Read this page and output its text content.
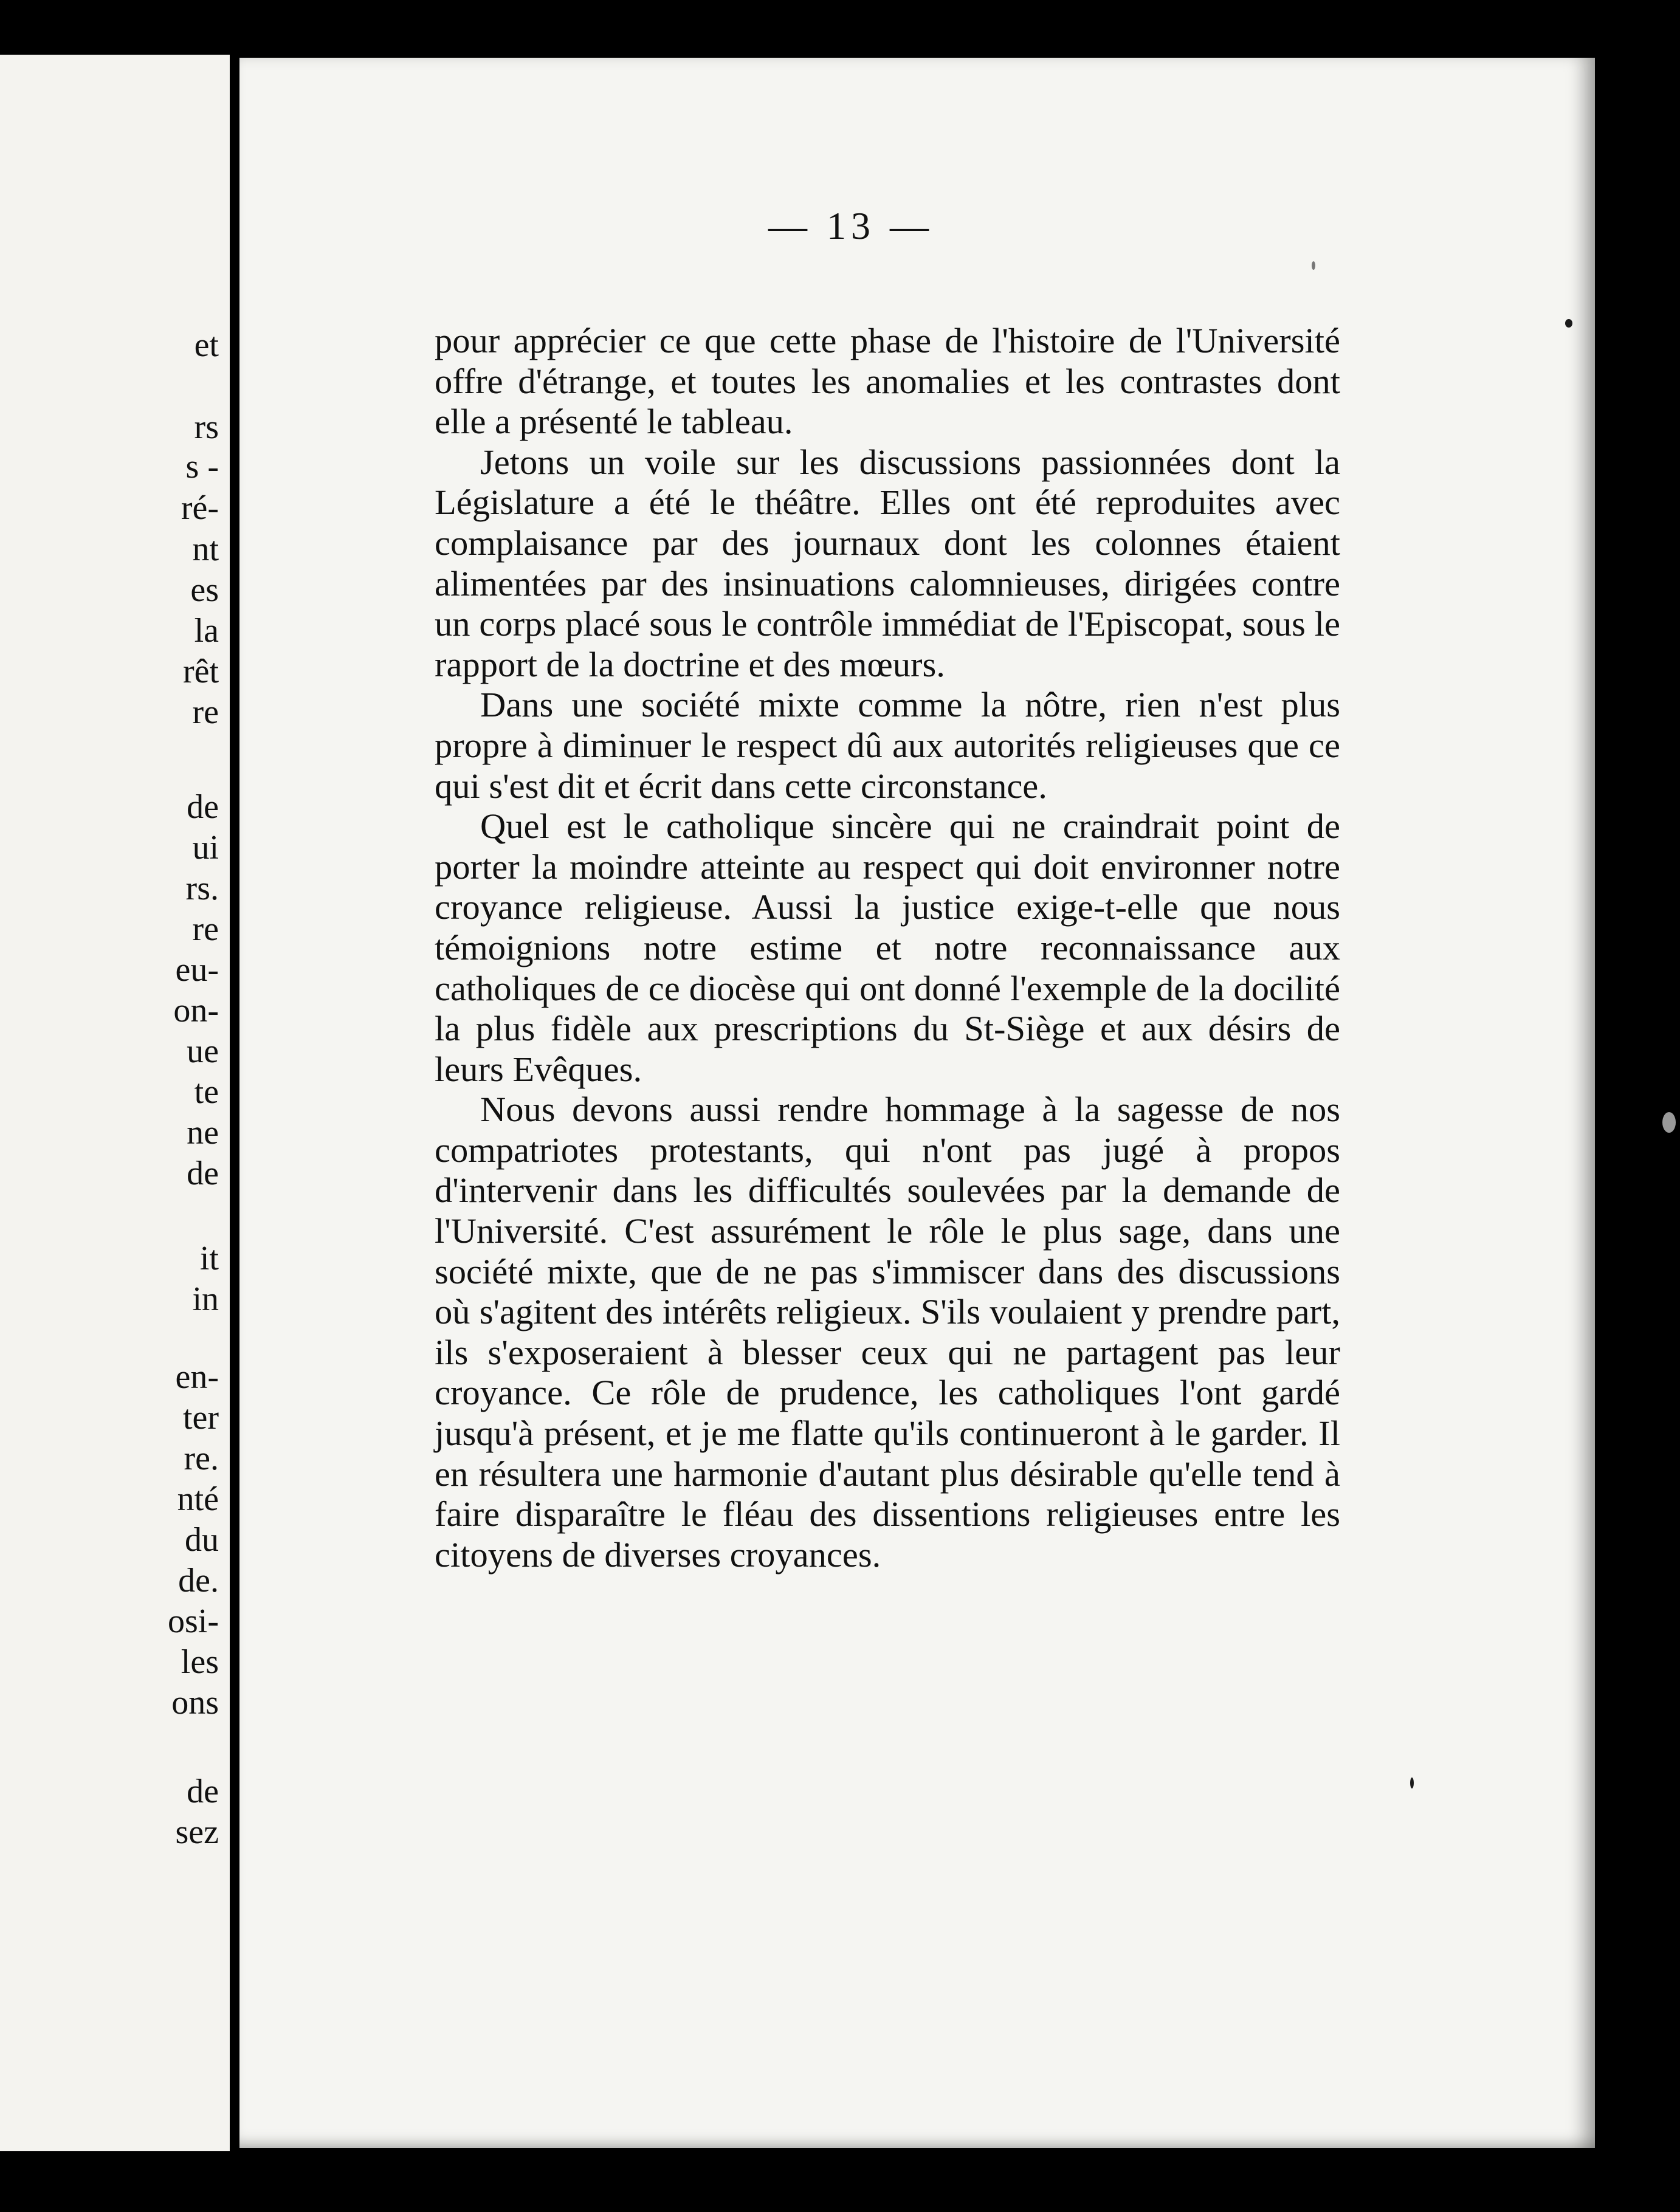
et
rs
s -
ré-
nt
es
la
rêt
re
de
ui
rs.
re
eu-
on-
ue
te
ne
de
it
in
en-
ter
re.
nté
du
de.
osi-
les
ons
de
sez
— 13 —

pour apprécier ce que cette phase de l'histoire de l'Université offre d'étrange, et toutes les anomalies et les contrastes dont elle a présenté le tableau.

Jetons un voile sur les discussions passionnées dont la Législature a été le théâtre. Elles ont été reproduites avec complaisance par des journaux dont les colonnes étaient alimentées par des insinuations calomnieuses, dirigées contre un corps placé sous le contrôle immédiat de l'Episcopat, sous le rapport de la doctrine et des mœurs.

Dans une société mixte comme la nôtre, rien n'est plus propre à diminuer le respect dû aux autorités religieuses que ce qui s'est dit et écrit dans cette circonstance.

Quel est le catholique sincère qui ne craindrait point de porter la moindre atteinte au respect qui doit environner notre croyance religieuse. Aussi la justice exige-t-elle que nous témoignions notre estime et notre reconnaissance aux catholiques de ce diocèse qui ont donné l'exemple de la docilité la plus fidèle aux prescriptions du St-Siège et aux désirs de leurs Evêques.

Nous devons aussi rendre hommage à la sagesse de nos compatriotes protestants, qui n'ont pas jugé à propos d'intervenir dans les difficultés soulevées par la demande de l'Université. C'est assurément le rôle le plus sage, dans une société mixte, que de ne pas s'immiscer dans des discussions où s'agitent des intérêts religieux. S'ils voulaient y prendre part, ils s'exposeraient à blesser ceux qui ne partagent pas leur croyance. Ce rôle de prudence, les catholiques l'ont gardé jusqu'à présent, et je me flatte qu'ils continueront à le garder. Il en résultera une harmonie d'autant plus désirable qu'elle tend à faire disparaître le fléau des dissentions religieuses entre les citoyens de diverses croyances.
